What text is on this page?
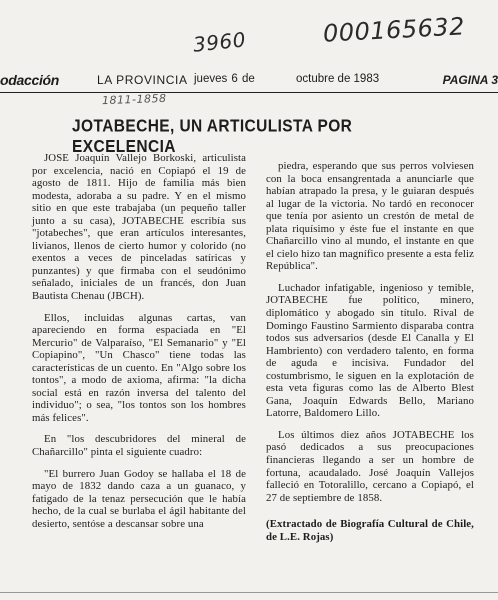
3960	000165632
odacción	LA PROVINCIA jueves 6 de	octubre de 1983	PAGINA 3
1811-1858
JOTABECHE, UN ARTICULISTA POR EXCELENCIA

JOSE Joaquín Vallejo Borkoski, articulista por excelencia, nació en Copiapó el 19 de agosto de 1811. Hijo de familia más bien modesta, adoraba a su padre. Y en el mismo sitio en que este trabajaba (un pequeño taller junto a su casa), JOTABECHE escribía sus "jotabeches", que eran artículos interesantes, livianos, llenos de cierto humor y colorido (no exentos a veces de pinceladas satíricas y punzantes) y que firmaba con el seudónimo señalado, iniciales de un francés, don Juan Bautista Chenau (JBCH).

Ellos, incluidas algunas cartas, van apareciendo en forma espaciada en "El Mercurio" de Valparaíso, "El Semanario" y "El Copiapino", "Un Chasco" tiene todas las características de un cuento. En "Algo sobre los tontos", a modo de axioma, afirma: "la dicha social está en razón inversa del talento del individuo"; o sea, "los tontos son los hombres más felices".

En "los descubridores del mineral de Chañarcillo" pinta el siguiente cuadro:

"El burrero Juan Godoy se hallaba el 18 de mayo de 1832 dando caza a un guanaco, y fatigado de la tenaz persecución que le había hecho, de la cual se burlaba el ágil habitante del desierto, sentóse a descansar sobre una

piedra, esperando que sus perros volviesen con la boca ensangrentada a anunciarle que habían atrapado la presa, y le guiaran después al lugar de la victoria. No tardó en reconocer que tenía por asiento un crestón de metal de plata riquísimo y éste fue el instante en que Chañarcillo vino al mundo, el instante en que el cielo hizo tan magnífico presente a esta feliz República".

Luchador infatigable, ingenioso y temible, JOTABECHE fue político, minero, diplomático y abogado sin título. Rival de Domingo Faustino Sarmiento disparaba contra todos sus adversarios (desde El Canalla y El Hambriento) con verdadero talento, en forma de aguda e incisiva. Fundador del costumbrismo, le siguen en la explotación de esta veta figuras como las de Alberto Blest Gana, Joaquín Edwards Bello, Mariano Latorre, Baldomero Lillo.

Los últimos diez años JOTABECHE los pasó dedicados a sus preocupaciones financieras llegando a ser un hombre de fortuna, acaudalado. José Joaquín Vallejos falleció en Totoralillo, cercano a Copiapó, el 27 de septiembre de 1858.

(Extractado de Biografía Cultural de Chile, de L.E. Rojas)
